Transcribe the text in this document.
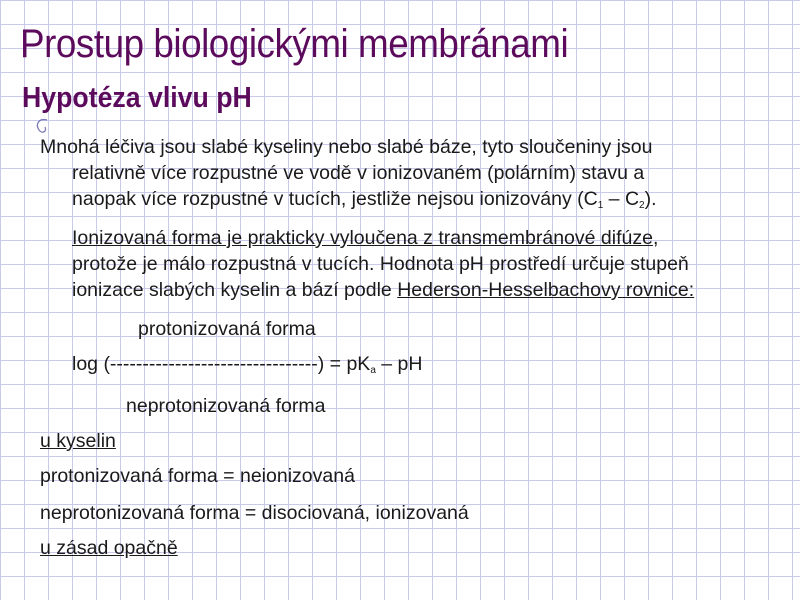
Prostup biologickými membránami
Hypotéza vlivu pH
Mnohá léčiva jsou slabé kyseliny nebo slabé báze, tyto sloučeniny jsou
relativně více rozpustné ve vodě v ionizovaném (polárním) stavu a
naopak více rozpustné v tucích, jestliže nejsou ionizovány $(C_1 - C_2)$.
Ionizovaná forma je prakticky vyloučena z transmembránové difúze,
protože je málo rozpustná v tucích. Hodnota pH prostředí určuje stupeň
ionizace slabých kyselin a bází podle Hederson-Hesselbachovy rovnice:
protonizovaná forma
log (--------------------------------) = $pK_a$ – pH
neprotonizovaná forma
u kyselin
protonizovaná forma = neionizovaná
neprotonizovaná forma = disociovaná, ionizovaná
u zásad opačně
